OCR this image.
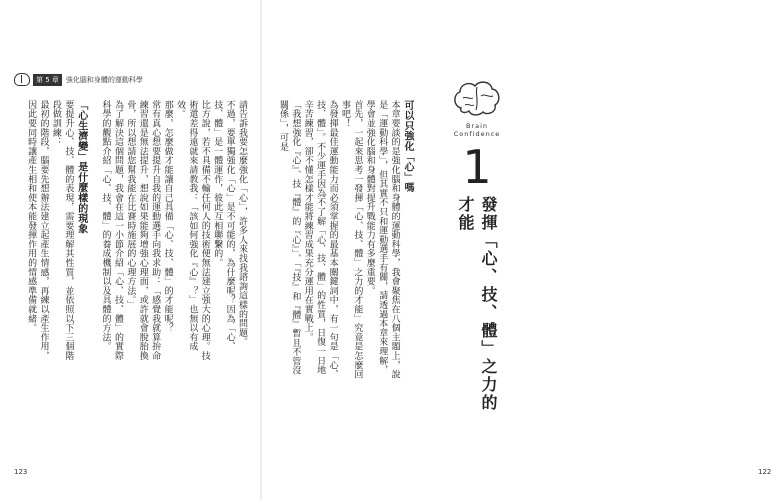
第 5 章	強化腦和身體的運動科學
請告訴我要怎麼強化「心」，許多人來找我諮詢這樣的問題。
不過，要單獨強化「心」是不可能的，為什麼呢？因為「心、技、體」是一體運作，彼此互相聯繫的。
比方說，若不具備不輸任何人的技術便無法建立強大的心理。技術還差得遠就來請教我：「該如何強化『心』？」也無以有成效。
那麼，怎麼做才能讓自己具備「心、技、體」的才能呢？
常有真心想要提升自我的運動選手向我求助：「感覺我就算拚命練習還是無法提升，想說如果能夠增強心理面，或許就會脫胎換骨，所以想請您幫我能在比賽時施展的心理方法。」
為了解決這個問題，我會在這一小節介紹「心、技、體」的實際科學的觀點介紹「心、技、體」的養成機制以及具體的方法。

「心生濟變」是什麼樣的現象
要提升心、技、體的表現，需要理解其性質，並依照以下三個階段做訓練：
最初的階段，腦要先想辦法建立起產生情感，再練以產生作用，因此要同時讓產生相和使本能發揮作用的情感準備就緒。
123
可以只強化「心」嗎
本章要談的是強化腦和身體的運動科學，我會聚焦在八個主題上，說是「運動科學」，但其實不只和運動選手有關，請透過本章來理解，學會並強化腦和身體對提升戰能力有多麼重要。
首先，一起來思考一發揮「心、技、體」之力的才能」究竟是怎麼回事吧！
為發揮最佳運動能力而必須掌握的最基本關鍵詞中，有一句是「心、技、體」。不少運手因為不了解「心、技、體」的性質，日復一日地辛苦練習，卻不懂怎樣才能將練習成果充分運用在實戰上。
「我想強化『心』、技『體』的『心』」、「『技』和『體』暫且不管沒關係」，可是
122
Brain
Confidence
1
發揮「心、技、體」之力的才能
